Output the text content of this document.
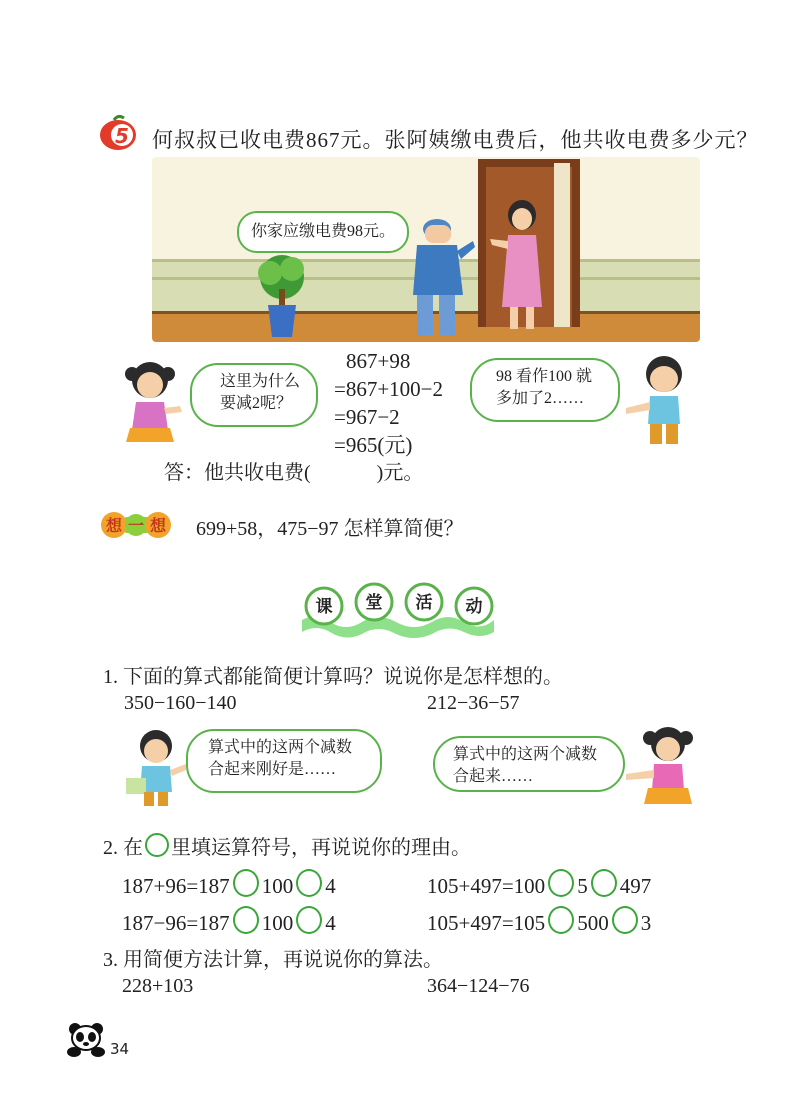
5 何叔叔已收电费867元。张阿姨缴电费后，他共收电费多少元？
你家应缴电费98元。
这里为什么要减2呢？
867+98
=867+100−2
=967−2
=965(元)
98 看作100 就多加了2……
答：他共收电费(	)元。
想 一 想 699+58，475−97 怎样算简便？
课 堂 活 动
1. 下面的算式都能简便计算吗？说说你是怎样想的。
350−160−140	212−36−57
算式中的这两个减数合起来刚好是……
算式中的这两个减数合起来……
2. 在 里填运算符号，再说说你的理由。
187+96=187 100 4	105+497=100 5 497
187−96=187 100 4	105+497=105 500 3
3. 用简便方法计算，再说说你的算法。
228+103	364−124−76
34
